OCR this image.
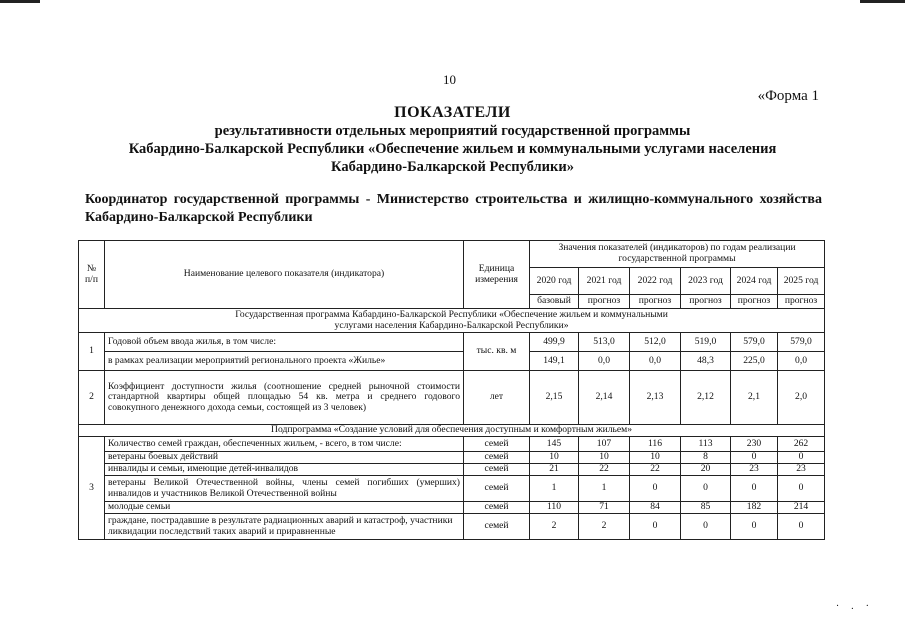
10
«Форма 1
ПОКАЗАТЕЛИ
результативности отдельных мероприятий государственной программы
Кабардино-Балкарской Республики «Обеспечение жильем и коммунальными услугами населения
Кабардино-Балкарской Республики»
Координатор государственной программы - Министерство строительства и жилищно-коммунального хозяйства Кабардино-Балкарской Республики
№ п/п	Наименование целевого показателя (индикатора)	Единица измерения	Значения показателей (индикаторов) по годам реализации государственной программы					
			2020 год	2021 год	2022 год	2023 год	2024 год	2025 год
			базовый	прогноз	прогноз	прогноз	прогноз	прогноз
Государственная программа Кабардино-Балкарской Республики «Обеспечение жильем и коммунальными услугами населения Кабардино-Балкарской Республики»								
1	Годовой объем ввода жилья, в том числе:	тыс. кв. м	499,9	513,0	512,0	519,0	579,0	579,0
	в рамках реализации мероприятий регионального проекта «Жилье»		149,1	0,0	0,0	48,3	225,0	0,0
2	Коэффициент доступности жилья (соотношение средней рыночной стоимости стандартной квартиры общей площадью 54 кв. метра и среднего годового совокупного денежного дохода семьи, состоящей из 3 человек)	лет	2,15	2,14	2,13	2,12	2,1	2,0
Подпрограмма «Создание условий для обеспечения доступным и комфортным жильем»								
3	Количество семей граждан, обеспеченных жильем, - всего, в том числе:	семей	145	107	116	113	230	262
	ветераны боевых действий	семей	10	10	10	8	0	0
	инвалиды и семьи, имеющие детей-инвалидов	семей	21	22	22	20	23	23
	ветераны Великой Отечественной войны, члены семей погибших (умерших) инвалидов и участников Великой Отечественной войны	семей	1	1	0	0	0	0
	молодые семьи	семей	110	71	84	85	182	214
	граждане, пострадавшие в результате радиационных аварий и катастроф, участники ликвидации последствий таких аварий и приравненные	семей	2	2	0	0	0	0
·.·
